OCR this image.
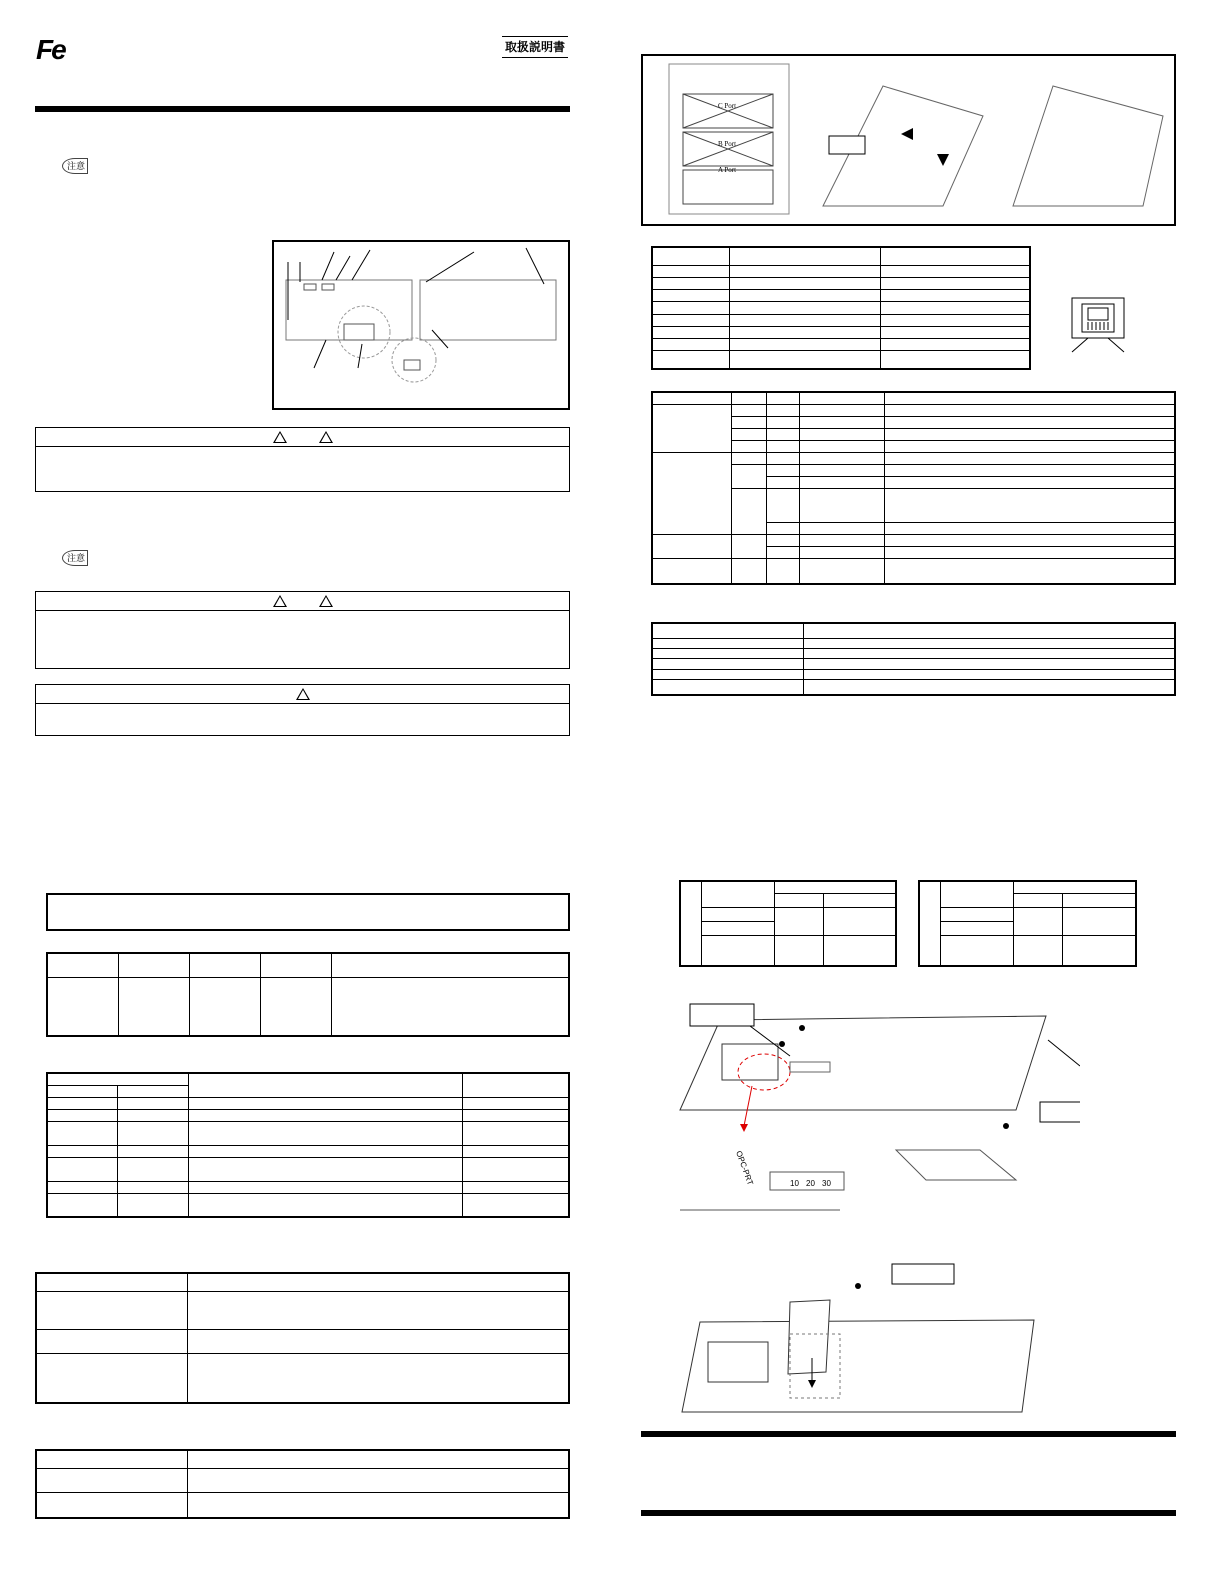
Fe	取扱説明書
注意
注意

C Port
B Port
A Port

10 20 30
OPC-PRT
